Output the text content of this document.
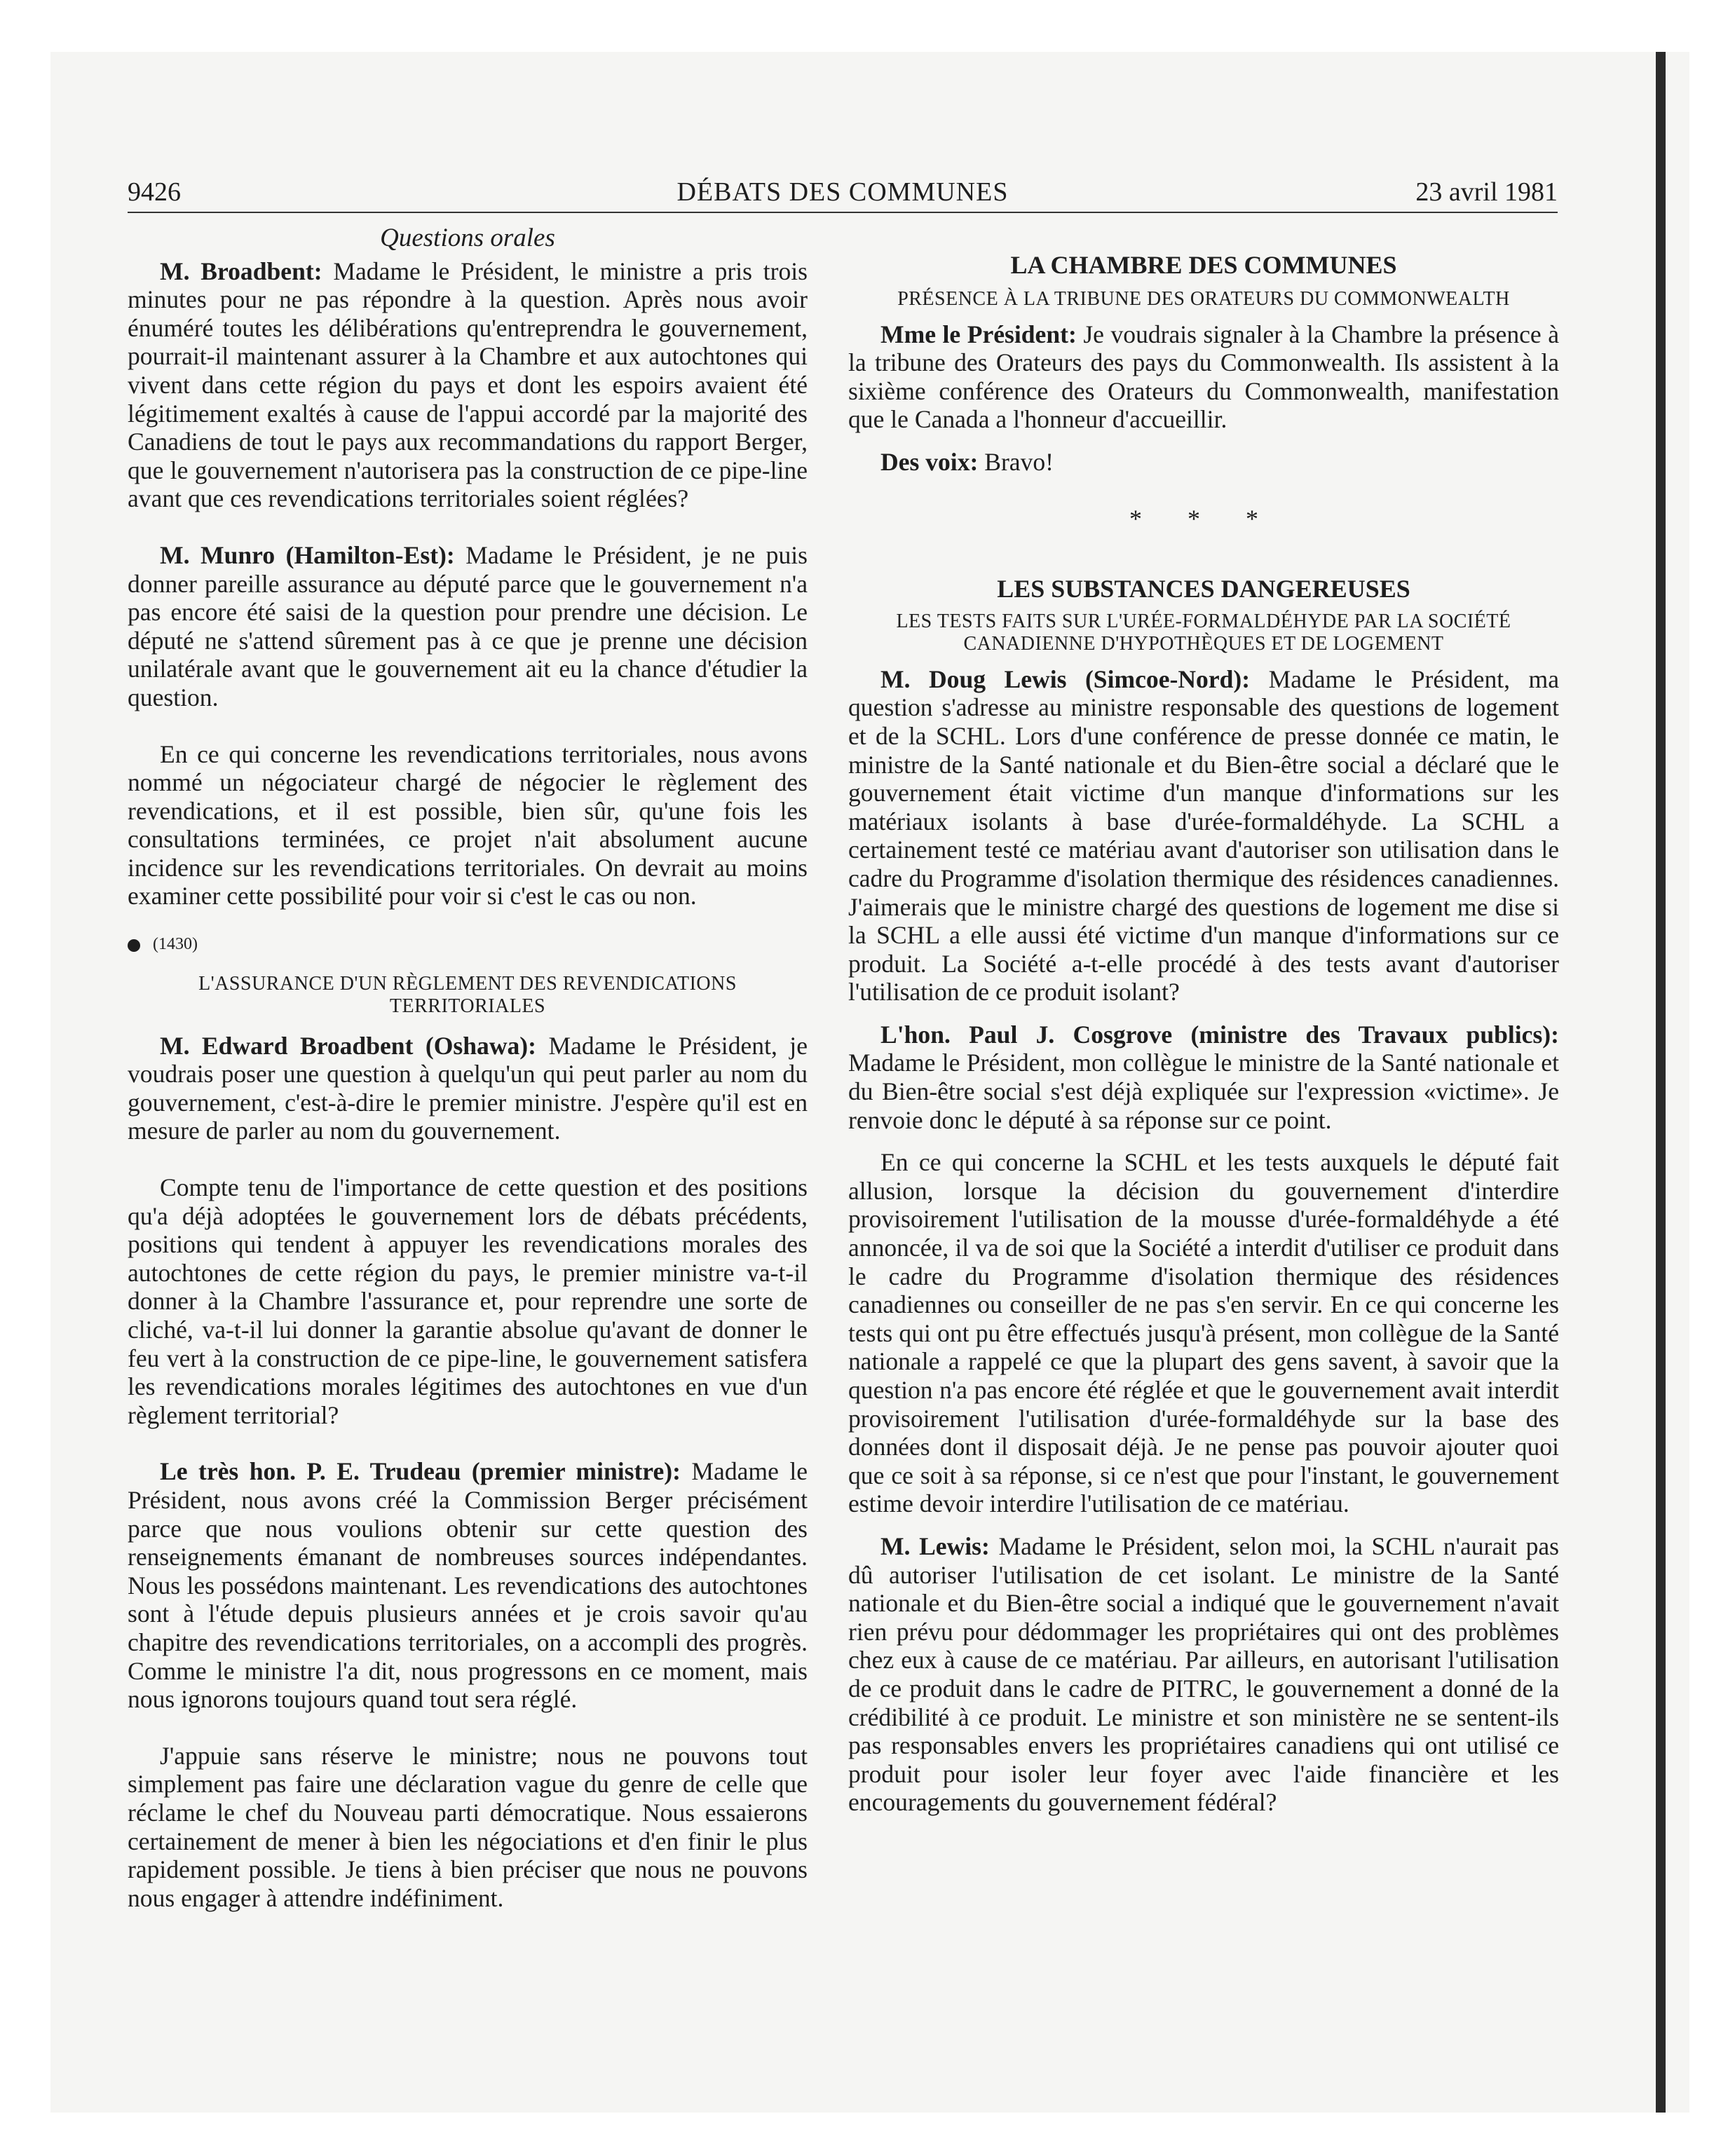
9426	DÉBATS DES COMMUNES	23 avril 1981
Questions orales

M. Broadbent: Madame le Président, le ministre a pris trois minutes pour ne pas répondre à la question. Après nous avoir énuméré toutes les délibérations qu'entreprendra le gouvernement, pourrait-il maintenant assurer à la Chambre et aux autochtones qui vivent dans cette région du pays et dont les espoirs avaient été légitimement exaltés à cause de l'appui accordé par la majorité des Canadiens de tout le pays aux recommandations du rapport Berger, que le gouvernement n'autorisera pas la construction de ce pipe-line avant que ces revendications territoriales soient réglées?

M. Munro (Hamilton-Est): Madame le Président, je ne puis donner pareille assurance au député parce que le gouvernement n'a pas encore été saisi de la question pour prendre une décision. Le député ne s'attend sûrement pas à ce que je prenne une décision unilatérale avant que le gouvernement ait eu la chance d'étudier la question.

En ce qui concerne les revendications territoriales, nous avons nommé un négociateur chargé de négocier le règlement des revendications, et il est possible, bien sûr, qu'une fois les consultations terminées, ce projet n'ait absolument aucune incidence sur les revendications territoriales. On devrait au moins examiner cette possibilité pour voir si c'est le cas ou non.

(1430)

L'ASSURANCE D'UN RÈGLEMENT DES REVENDICATIONS TERRITORIALES

M. Edward Broadbent (Oshawa): Madame le Président, je voudrais poser une question à quelqu'un qui peut parler au nom du gouvernement, c'est-à-dire le premier ministre. J'espère qu'il est en mesure de parler au nom du gouvernement.

Compte tenu de l'importance de cette question et des positions qu'a déjà adoptées le gouvernement lors de débats précédents, positions qui tendent à appuyer les revendications morales des autochtones de cette région du pays, le premier ministre va-t-il donner à la Chambre l'assurance et, pour reprendre une sorte de cliché, va-t-il lui donner la garantie absolue qu'avant de donner le feu vert à la construction de ce pipe-line, le gouvernement satisfera les revendications morales légitimes des autochtones en vue d'un règlement territorial?

Le très hon. P. E. Trudeau (premier ministre): Madame le Président, nous avons créé la Commission Berger précisément parce que nous voulions obtenir sur cette question des renseignements émanant de nombreuses sources indépendantes. Nous les possédons maintenant. Les revendications des autochtones sont à l'étude depuis plusieurs années et je crois savoir qu'au chapitre des revendications territoriales, on a accompli des progrès. Comme le ministre l'a dit, nous progressons en ce moment, mais nous ignorons toujours quand tout sera réglé.

J'appuie sans réserve le ministre; nous ne pouvons tout simplement pas faire une déclaration vague du genre de celle que réclame le chef du Nouveau parti démocratique. Nous essaierons certainement de mener à bien les négociations et d'en finir le plus rapidement possible. Je tiens à bien préciser que nous ne pouvons nous engager à attendre indéfiniment.

LA CHAMBRE DES COMMUNES

PRÉSENCE À LA TRIBUNE DES ORATEURS DU COMMONWEALTH

Mme le Président: Je voudrais signaler à la Chambre la présence à la tribune des Orateurs des pays du Commonwealth. Ils assistent à la sixième conférence des Orateurs du Commonwealth, manifestation que le Canada a l'honneur d'accueillir.

Des voix: Bravo!

* * *

LES SUBSTANCES DANGEREUSES

LES TESTS FAITS SUR L'URÉE-FORMALDÉHYDE PAR LA SOCIÉTÉ CANADIENNE D'HYPOTHÈQUES ET DE LOGEMENT

M. Doug Lewis (Simcoe-Nord): Madame le Président, ma question s'adresse au ministre responsable des questions de logement et de la SCHL. Lors d'une conférence de presse donnée ce matin, le ministre de la Santé nationale et du Bien-être social a déclaré que le gouvernement était victime d'un manque d'informations sur les matériaux isolants à base d'urée-formaldéhyde. La SCHL a certainement testé ce matériau avant d'autoriser son utilisation dans le cadre du Programme d'isolation thermique des résidences canadiennes. J'aimerais que le ministre chargé des questions de logement me dise si la SCHL a elle aussi été victime d'un manque d'informations sur ce produit. La Société a-t-elle procédé à des tests avant d'autoriser l'utilisation de ce produit isolant?

L'hon. Paul J. Cosgrove (ministre des Travaux publics): Madame le Président, mon collègue le ministre de la Santé nationale et du Bien-être social s'est déjà expliquée sur l'expression «victime». Je renvoie donc le député à sa réponse sur ce point.

En ce qui concerne la SCHL et les tests auxquels le député fait allusion, lorsque la décision du gouvernement d'interdire provisoirement l'utilisation de la mousse d'urée-formaldéhyde a été annoncée, il va de soi que la Société a interdit d'utiliser ce produit dans le cadre du Programme d'isolation thermique des résidences canadiennes ou conseiller de ne pas s'en servir. En ce qui concerne les tests qui ont pu être effectués jusqu'à présent, mon collègue de la Santé nationale a rappelé ce que la plupart des gens savent, à savoir que la question n'a pas encore été réglée et que le gouvernement avait interdit provisoirement l'utilisation d'urée-formaldéhyde sur la base des données dont il disposait déjà. Je ne pense pas pouvoir ajouter quoi que ce soit à sa réponse, si ce n'est que pour l'instant, le gouvernement estime devoir interdire l'utilisation de ce matériau.

M. Lewis: Madame le Président, selon moi, la SCHL n'aurait pas dû autoriser l'utilisation de cet isolant. Le ministre de la Santé nationale et du Bien-être social a indiqué que le gouvernement n'avait rien prévu pour dédommager les propriétaires qui ont des problèmes chez eux à cause de ce matériau. Par ailleurs, en autorisant l'utilisation de ce produit dans le cadre de PITRC, le gouvernement a donné de la crédibilité à ce produit. Le ministre et son ministère ne se sentent-ils pas responsables envers les propriétaires canadiens qui ont utilisé ce produit pour isoler leur foyer avec l'aide financière et les encouragements du gouvernement fédéral?
